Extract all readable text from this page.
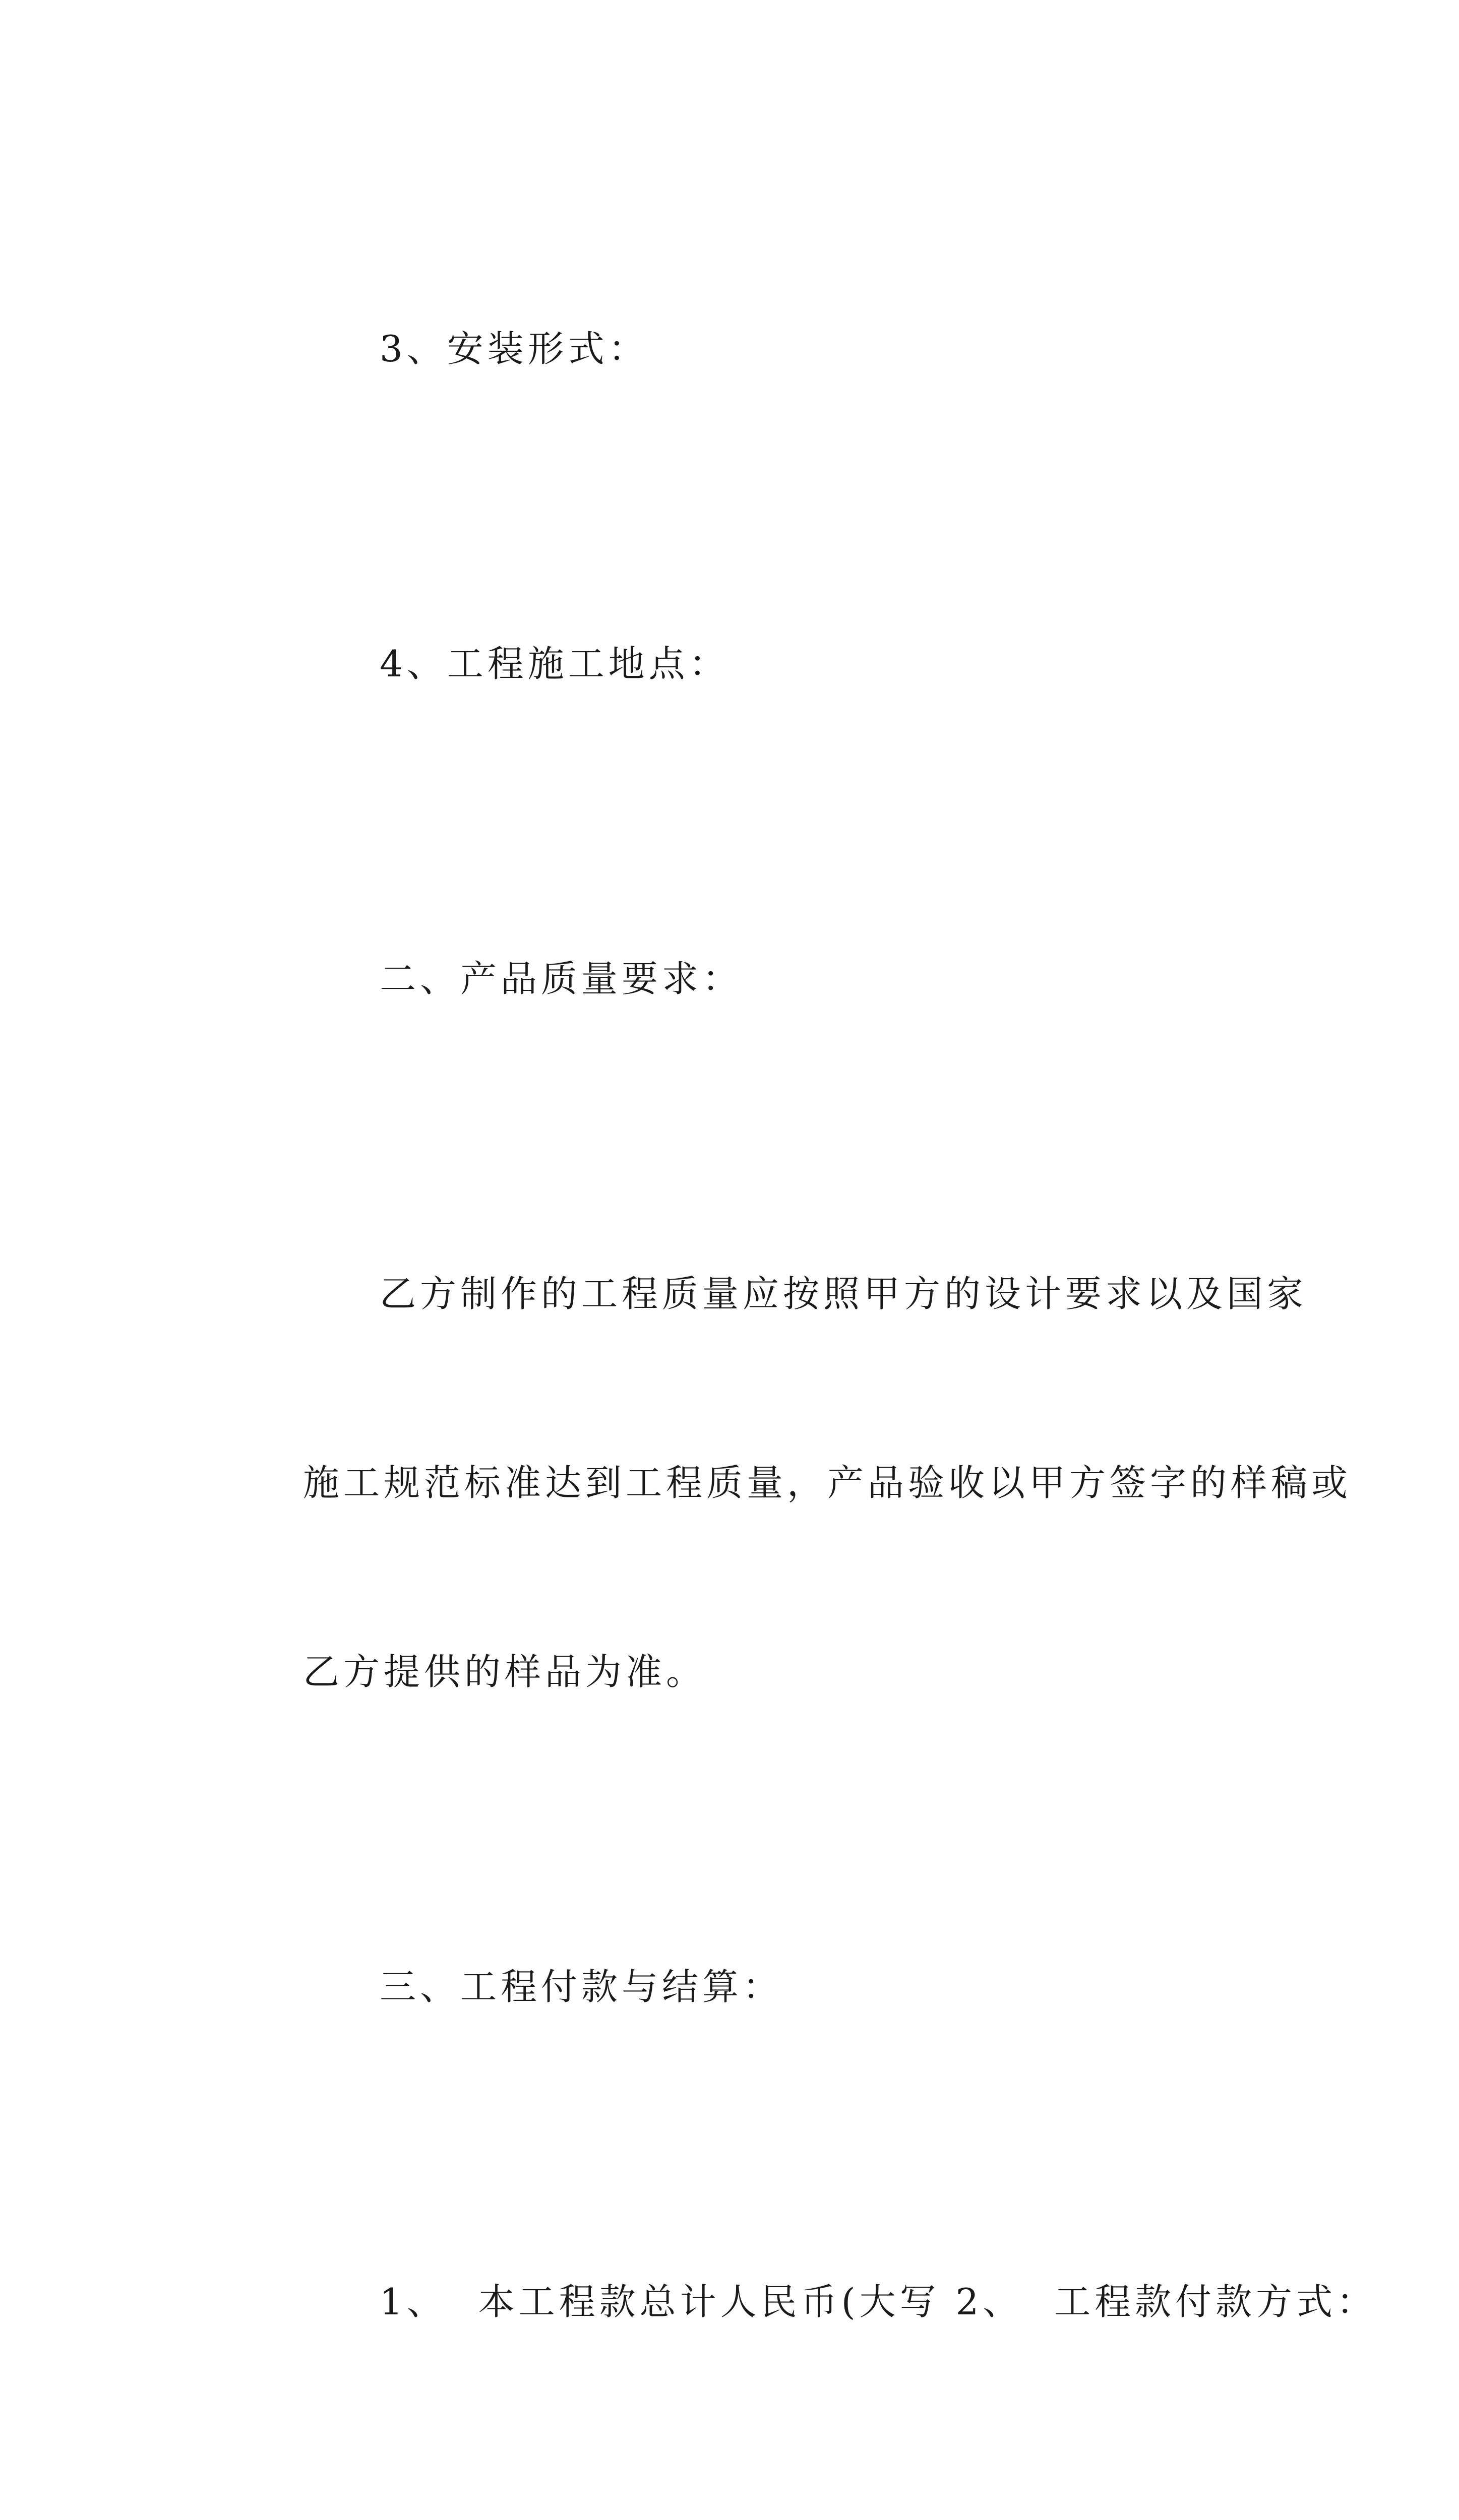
3、安装形式：

4、工程施工地点：

二、产品质量要求：

乙方制作的工程质量应按照甲方的设计要求以及国家

施工规范标准达到工程质量，产品验收以甲方签字的样稿或

乙方提供的样品为准。

三、工程付款与结算：

1、  本工程款总计人民币(大写 2、  工程款付款方式：
